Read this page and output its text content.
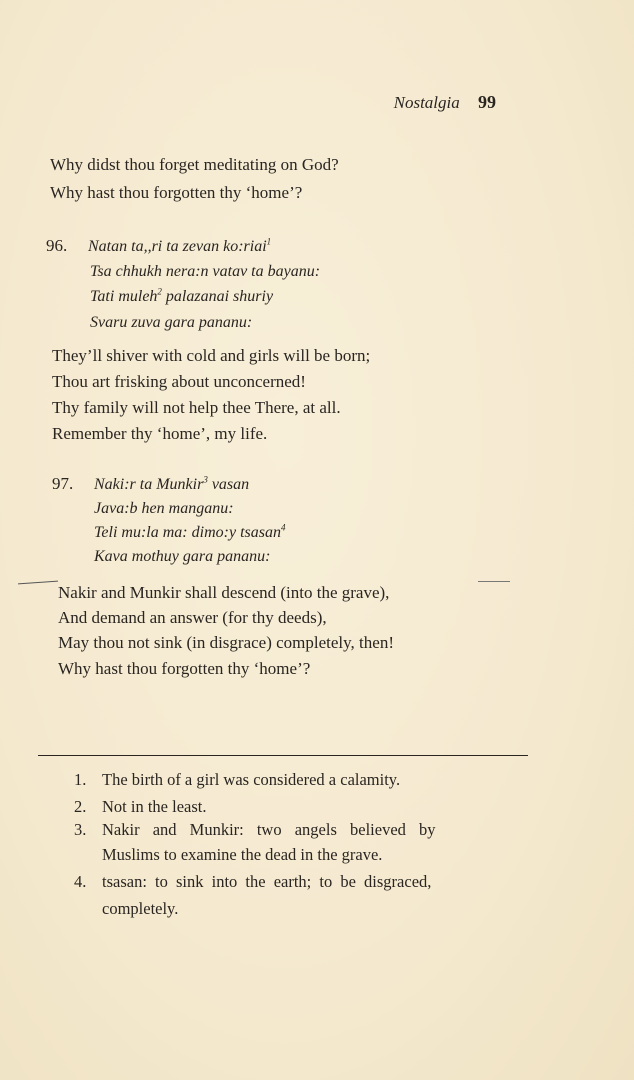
Nostalgia 99
Why didst thou forget meditating on God?
Why hast thou forgotten thy ‘home’?
96. Natan ta,,ri ta zevan ko:riai$^1$
Tsa chhukh nera:n vatav ta bayanu:
Tati muleh$^2$ palazanai shuriy
Svaru zuva gara pananu:
They’ll shiver with cold and girls will be born;
Thou art frisking about unconcerned!
Thy family will not help thee There, at all.
Remember thy ‘home’, my life.
97. Naki:r ta Munkir$^3$ vasan
Java:b hen manganu:
Teli mu:la ma: dimo:y tsasan$^4$
Kava mothuy gara pananu:
Nakir and Munkir shall descend (into the grave),
And demand an answer (for thy deeds),
May thou not sink (in disgrace) completely, then!
Why hast thou forgotten thy ‘home’?
1. The birth of a girl was considered a calamity.
2. Not in the least.
3. Nakir and Munkir: two angels believed by
Muslims to examine the dead in the grave.
4. tsasan: to sink into the earth; to be disgraced,
completely.
